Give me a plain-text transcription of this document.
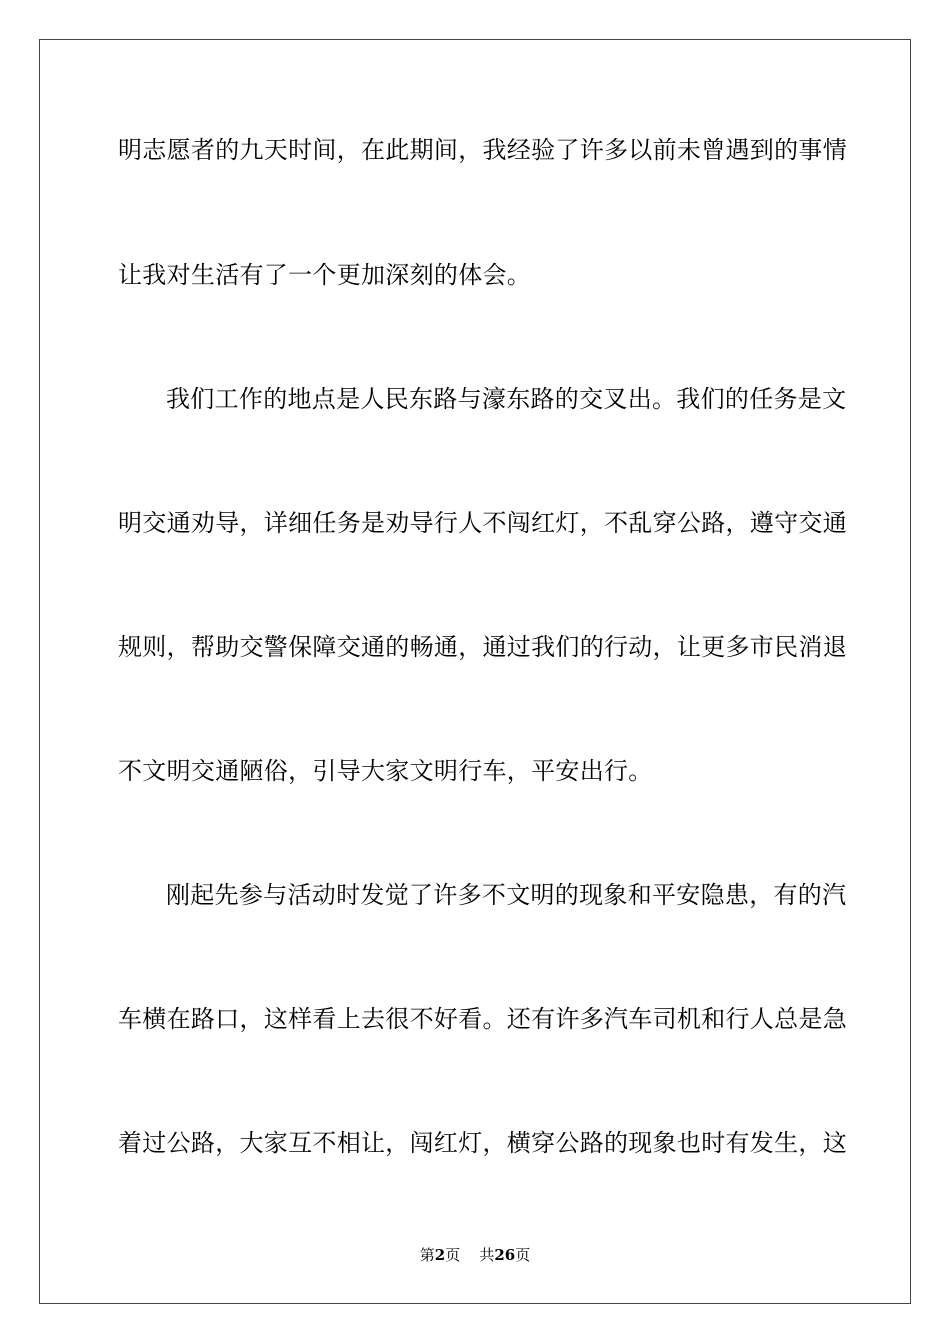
明志愿者的九天时间，在此期间，我经验了许多以前未曾遇到的事情
让我对生活有了一个更加深刻的体会。
我们工作的地点是人民东路与濠东路的交叉出。我们的任务是文
明交通劝导，详细任务是劝导行人不闯红灯，不乱穿公路，遵守交通
规则，帮助交警保障交通的畅通，通过我们的行动，让更多市民消退
不文明交通陋俗，引导大家文明行车，平安出行。
刚起先参与活动时发觉了许多不文明的现象和平安隐患，有的汽
车横在路口，这样看上去很不好看。还有许多汽车司机和行人总是急
着过公路，大家互不相让，闯红灯，横穿公路的现象也时有发生，这
第2页 共26页
